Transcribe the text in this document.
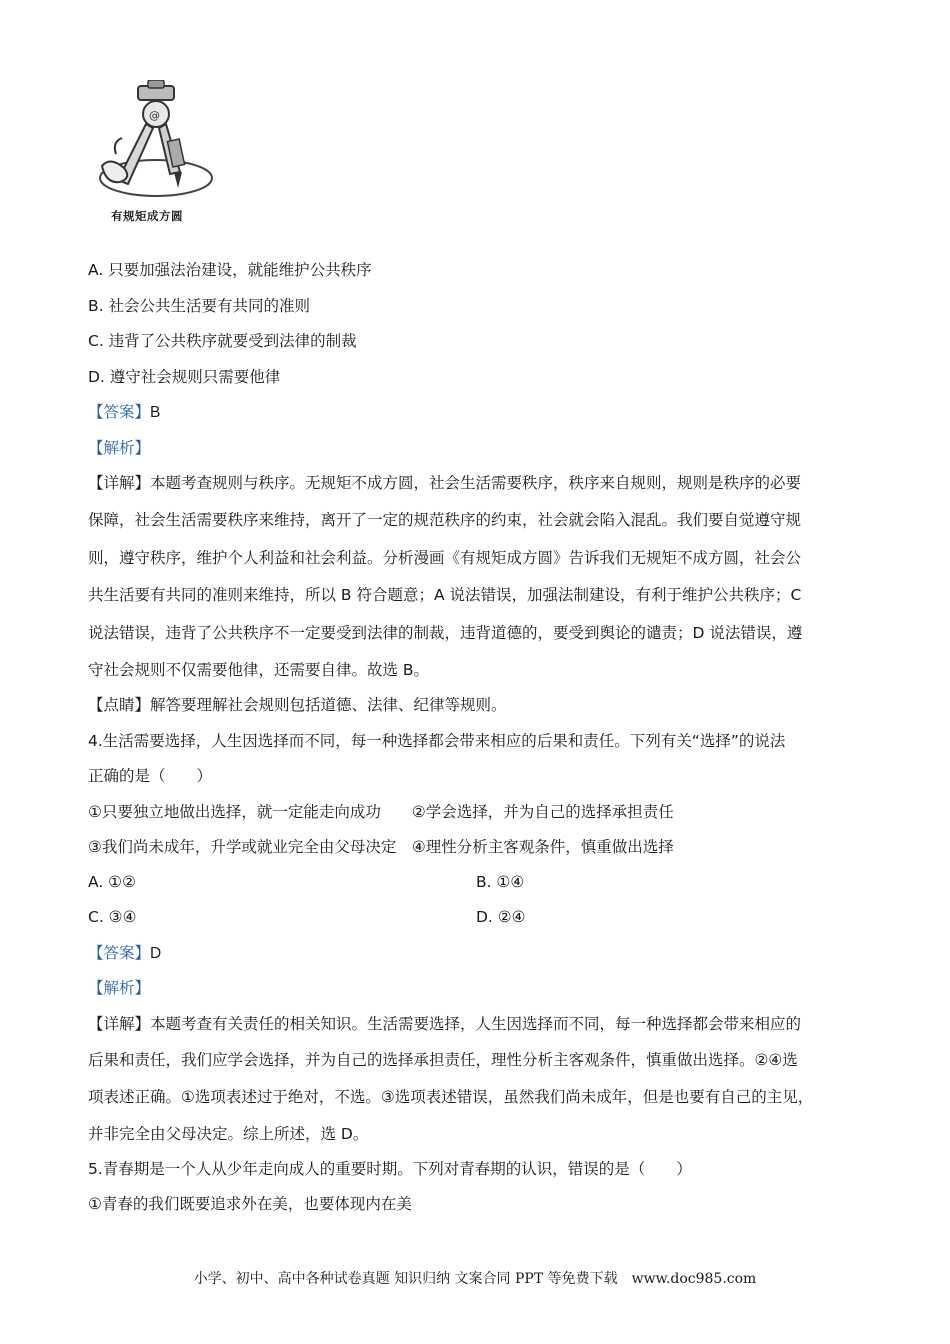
@
有规矩成方圆
A. 只要加强法治建设，就能维护公共秩序
B. 社会公共生活要有共同的准则
C. 违背了公共秩序就要受到法律的制裁
D. 遵守社会规则只需要他律
【答案】B
【解析】
【详解】本题考查规则与秩序。无规矩不成方圆，社会生活需要秩序，秩序来自规则，规则是秩序的必要
保障，社会生活需要秩序来维持，离开了一定的规范秩序的约束，社会就会陷入混乱。我们要自觉遵守规
则，遵守秩序，维护个人利益和社会利益。分析漫画《有规矩成方圆》告诉我们无规矩不成方圆，社会公
共生活要有共同的准则来维持，所以 B 符合题意；A 说法错误，加强法制建设，有利于维护公共秩序；C
说法错误，违背了公共秩序不一定要受到法律的制裁，违背道德的，要受到舆论的谴责；D 说法错误，遵
守社会规则不仅需要他律，还需要自律。故选 B。
【点睛】解答要理解社会规则包括道德、法律、纪律等规则。
4.生活需要选择，人生因选择而不同，每一种选择都会带来相应的后果和责任。下列有关“选择”的说法
正确的是（　　）
①只要独立地做出选择，就一定能走向成功　　②学会选择，并为自己的选择承担责任
③我们尚未成年，升学或就业完全由父母决定　④理性分析主客观条件，慎重做出选择
A. ①②	B. ①④
C. ③④	D. ②④
【答案】D
【解析】
【详解】本题考查有关责任的相关知识。生活需要选择，人生因选择而不同，每一种选择都会带来相应的
后果和责任，我们应学会选择，并为自己的选择承担责任，理性分析主客观条件，慎重做出选择。②④选
项表述正确。①选项表述过于绝对，不选。③选项表述错误，虽然我们尚未成年，但是也要有自己的主见，
并非完全由父母决定。综上所述，选 D。
5.青春期是一个人从少年走向成人的重要时期。下列对青春期的认识，错误的是（　　）
①青春的我们既要追求外在美，也要体现内在美
小学、初中、高中各种试卷真题 知识归纳 文案合同 PPT 等免费下载　www.doc985.com
